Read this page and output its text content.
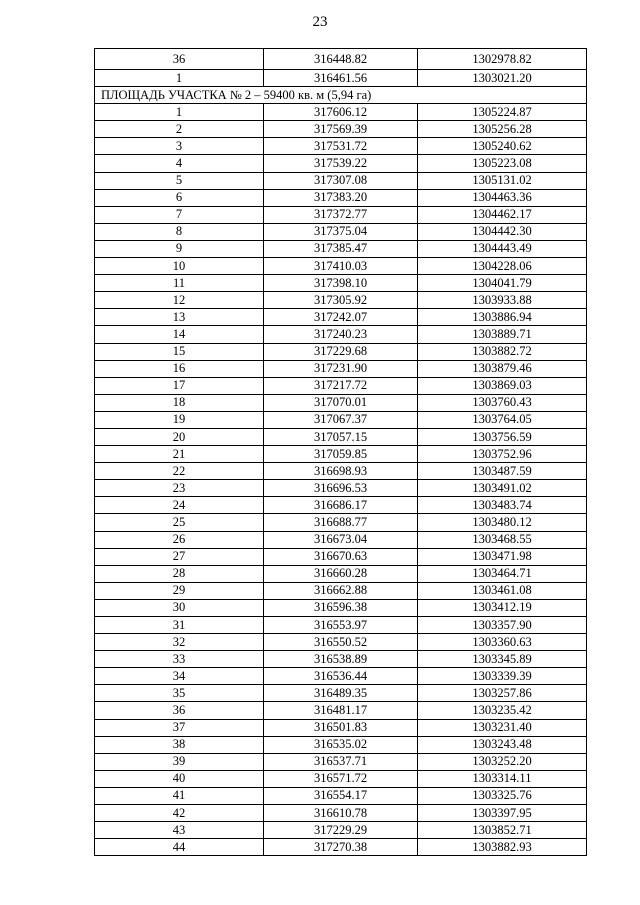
23
36	316448.82	1302978.82
1	316461.56	1303021.20
ПЛОЩАДЬ УЧАСТКА № 2 – 59400 кв. м (5,94 га)		
1	317606.12	1305224.87
2	317569.39	1305256.28
3	317531.72	1305240.62
4	317539.22	1305223.08
5	317307.08	1305131.02
6	317383.20	1304463.36
7	317372.77	1304462.17
8	317375.04	1304442.30
9	317385.47	1304443.49
10	317410.03	1304228.06
11	317398.10	1304041.79
12	317305.92	1303933.88
13	317242.07	1303886.94
14	317240.23	1303889.71
15	317229.68	1303882.72
16	317231.90	1303879.46
17	317217.72	1303869.03
18	317070.01	1303760.43
19	317067.37	1303764.05
20	317057.15	1303756.59
21	317059.85	1303752.96
22	316698.93	1303487.59
23	316696.53	1303491.02
24	316686.17	1303483.74
25	316688.77	1303480.12
26	316673.04	1303468.55
27	316670.63	1303471.98
28	316660.28	1303464.71
29	316662.88	1303461.08
30	316596.38	1303412.19
31	316553.97	1303357.90
32	316550.52	1303360.63
33	316538.89	1303345.89
34	316536.44	1303339.39
35	316489.35	1303257.86
36	316481.17	1303235.42
37	316501.83	1303231.40
38	316535.02	1303243.48
39	316537.71	1303252.20
40	316571.72	1303314.11
41	316554.17	1303325.76
42	316610.78	1303397.95
43	317229.29	1303852.71
44	317270.38	1303882.93
